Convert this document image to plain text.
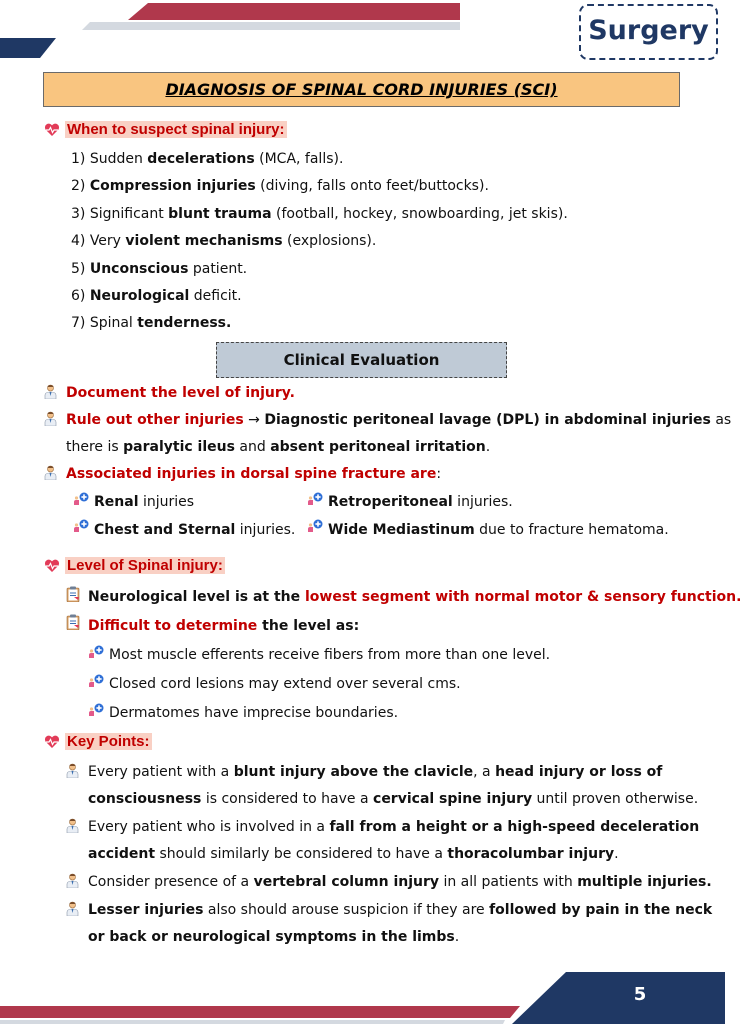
Surgery
DIAGNOSIS OF SPINAL CORD INJURIES (SCI)
When to suspect spinal injury:
1) Sudden decelerations (MCA, falls).
2) Compression injuries (diving, falls onto feet/buttocks).
3) Significant blunt trauma (football, hockey, snowboarding, jet skis).
4) Very violent mechanisms (explosions).
5) Unconscious patient.
6) Neurological deficit.
7) Spinal tenderness.
Clinical Evaluation
Document the level of injury.
Rule out other injuries → Diagnostic peritoneal lavage (DPL) in abdominal injuries as
there is paralytic ileus and absent peritoneal irritation.
Associated injuries in dorsal spine fracture are:
Renal injuries	Retroperitoneal injuries.
Chest and Sternal injuries. Wide Mediastinum due to fracture hematoma.
Level of Spinal injury:
Neurological level is at the lowest segment with normal motor & sensory function.
Difficult to determine the level as:
Most muscle efferents receive fibers from more than one level.
Closed cord lesions may extend over several cms.
Dermatomes have imprecise boundaries.
Key Points:
Every patient with a blunt injury above the clavicle, a head injury or loss of
consciousness is considered to have a cervical spine injury until proven otherwise.
Every patient who is involved in a fall from a height or a high-speed deceleration
accident should similarly be considered to have a thoracolumbar injury.
Consider presence of a vertebral column injury in all patients with multiple injuries.
Lesser injuries also should arouse suspicion if they are followed by pain in the neck
or back or neurological symptoms in the limbs.
5
